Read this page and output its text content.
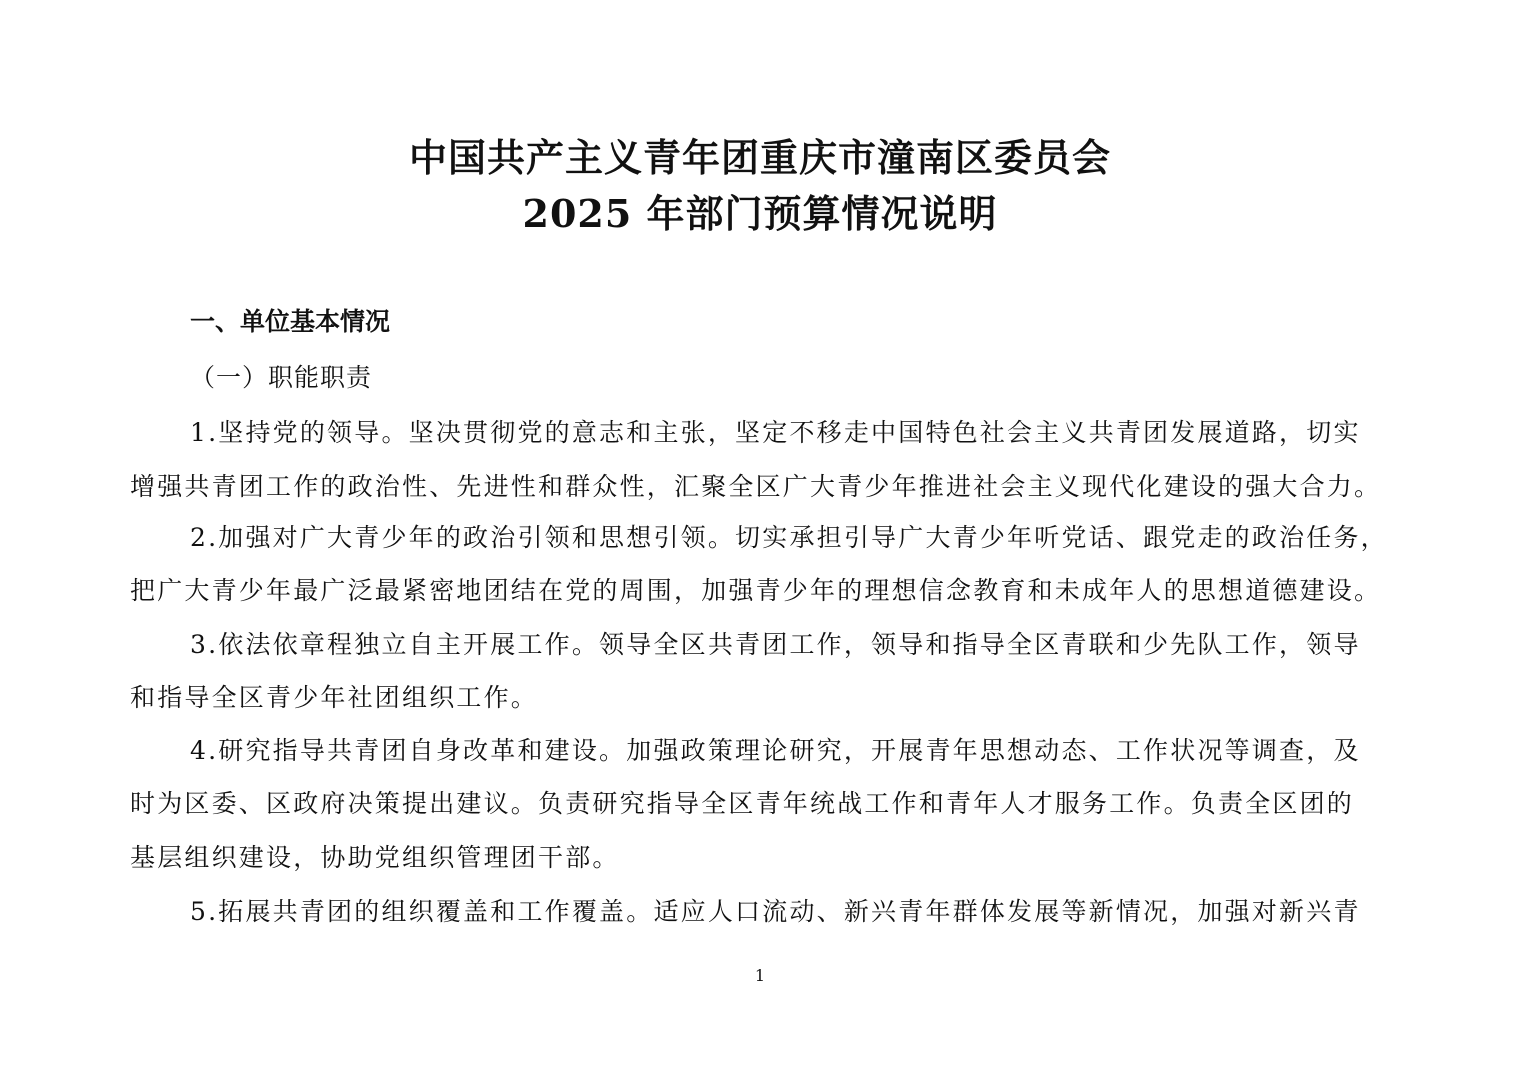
中国共产主义青年团重庆市潼南区委员会
2025 年部门预算情况说明
一、单位基本情况
（一）职能职责
1.坚持党的领导。坚决贯彻党的意志和主张，坚定不移走中国特色社会主义共青团发展道路，切实
增强共青团工作的政治性、先进性和群众性，汇聚全区广大青少年推进社会主义现代化建设的强大合力。
2.加强对广大青少年的政治引领和思想引领。切实承担引导广大青少年听党话、跟党走的政治任务，
把广大青少年最广泛最紧密地团结在党的周围，加强青少年的理想信念教育和未成年人的思想道德建设。
3.依法依章程独立自主开展工作。领导全区共青团工作，领导和指导全区青联和少先队工作，领导
和指导全区青少年社团组织工作。
4.研究指导共青团自身改革和建设。加强政策理论研究，开展青年思想动态、工作状况等调查，及
时为区委、区政府决策提出建议。负责研究指导全区青年统战工作和青年人才服务工作。负责全区团的
基层组织建设，协助党组织管理团干部。
5.拓展共青团的组织覆盖和工作覆盖。适应人口流动、新兴青年群体发展等新情况，加强对新兴青
1
